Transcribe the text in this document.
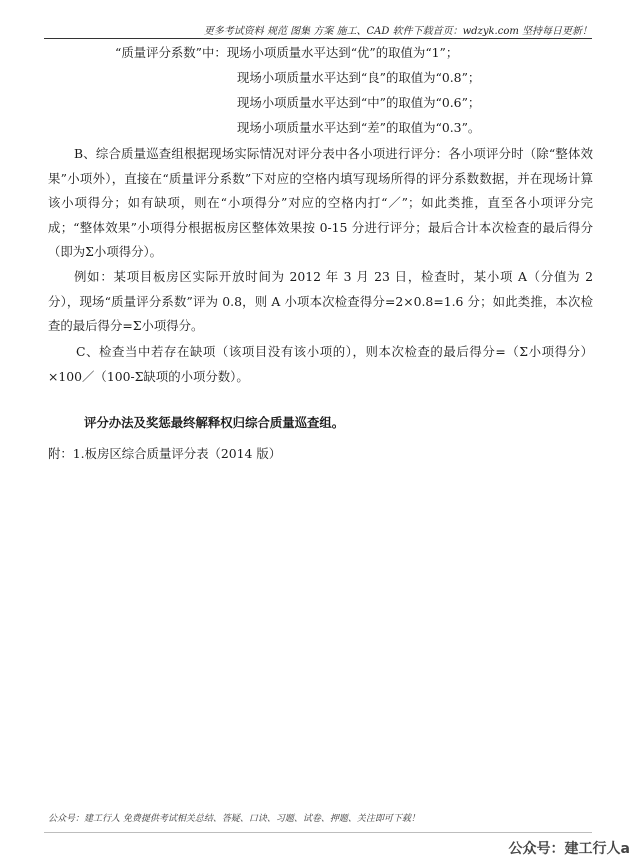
更多考试资料 规范 图集 方案 施工、CAD 软件下载首页：wdzyk.com 坚持每日更新！
“质量评分系数”中：现场小项质量水平达到“优”的取值为“1”；
现场小项质量水平达到“良”的取值为“0.8”；
现场小项质量水平达到“中”的取值为“0.6”；
现场小项质量水平达到“差”的取值为“0.3”。

B、综合质量巡查组根据现场实际情况对评分表中各小项进行评分：各小项评分时（除“整体效果”小项外），直接在“质量评分系数”下对应的空格内填写现场所得的评分系数数据，并在现场计算该小项得分；如有缺项，则在“小项得分”对应的空格内打“／”；如此类推，直至各小项评分完成；“整体效果”小项得分根据板房区整体效果按 0-15 分进行评分；最后合计本次检查的最后得分（即为Σ小项得分）。

例如：某项目板房区实际开放时间为 2012 年 3 月 23 日，检查时，某小项 A（分值为 2 分），现场“质量评分系数”评为 0.8，则 A 小项本次检查得分=2×0.8=1.6 分；如此类推，本次检查的最后得分=Σ小项得分。

C、检查当中若存在缺项（该项目没有该小项的），则本次检查的最后得分=（Σ小项得分）×100／（100-Σ缺项的小项分数）。

评分办法及奖惩最终解释权归综合质量巡查组。
附：1.板房区综合质量评分表（2014 版）
公众号：建工行人 免费提供考试相关总结、答疑、口诀、习题、试卷、押题、关注即可下载！
公众号：建工行人a
